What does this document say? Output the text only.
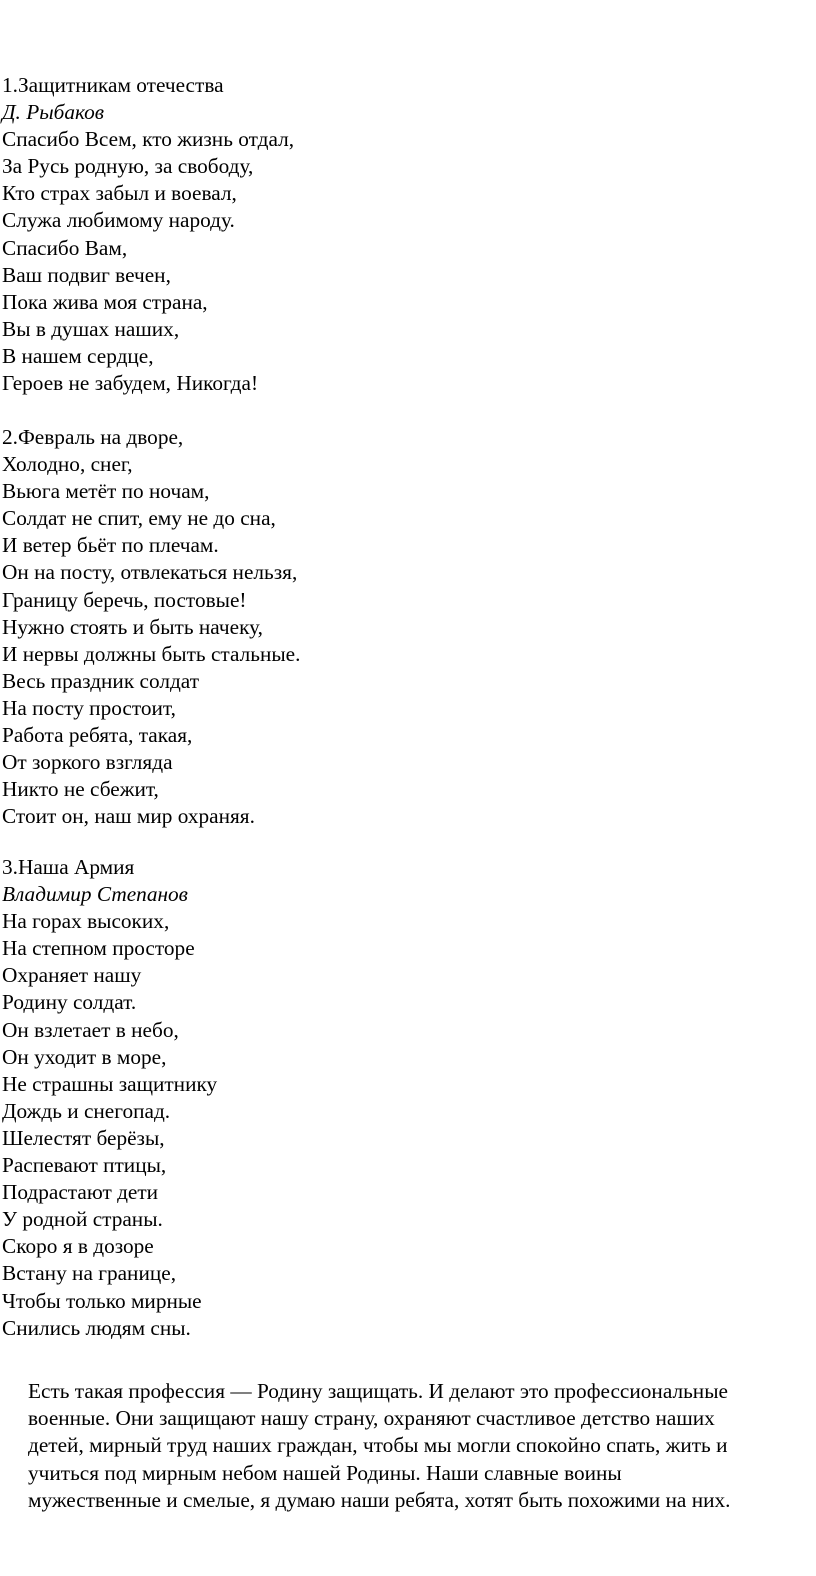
1.Защитникам отечества
Д. Рыбаков
Спасибо Всем, кто жизнь отдал,
За Русь родную, за свободу,
Кто страх забыл и воевал,
Служа любимому народу.
Спасибо Вам,
Ваш подвиг вечен,
Пока жива моя страна,
Вы в душах наших,
В нашем сердце,
Героев не забудем, Никогда!
2.Февраль на дворе,
Холодно, снег,
Вьюга метёт по ночам,
Солдат не спит, ему не до сна,
И ветер бьёт по плечам.
Он на посту, отвлекаться нельзя,
Границу беречь, постовые!
Нужно стоять и быть начеку,
И нервы должны быть стальные.
Весь праздник солдат
На посту простоит,
Работа ребята, такая,
От зоркого взгляда
Никто не сбежит,
Стоит он, наш мир охраняя.
3.Наша Армия
Владимир Степанов
На горах высоких,
На степном просторе
Охраняет нашу
Родину солдат.
Он взлетает в небо,
Он уходит в море,
Не страшны защитнику
Дождь и снегопад.
Шелестят берёзы,
Распевают птицы,
Подрастают дети
У родной страны.
Скоро я в дозоре
Встану на границе,
Чтобы только мирные
Снились людям сны.

Есть такая профессия — Родину защищать. И делают это профессиональные
военные. Они защищают нашу страну, охраняют счастливое детство наших
детей, мирный труд наших граждан, чтобы мы могли спокойно спать, жить и
учиться под мирным небом нашей Родины. Наши славные воины
мужественные и смелые, я думаю наши ребята, хотят быть похожими на них.
